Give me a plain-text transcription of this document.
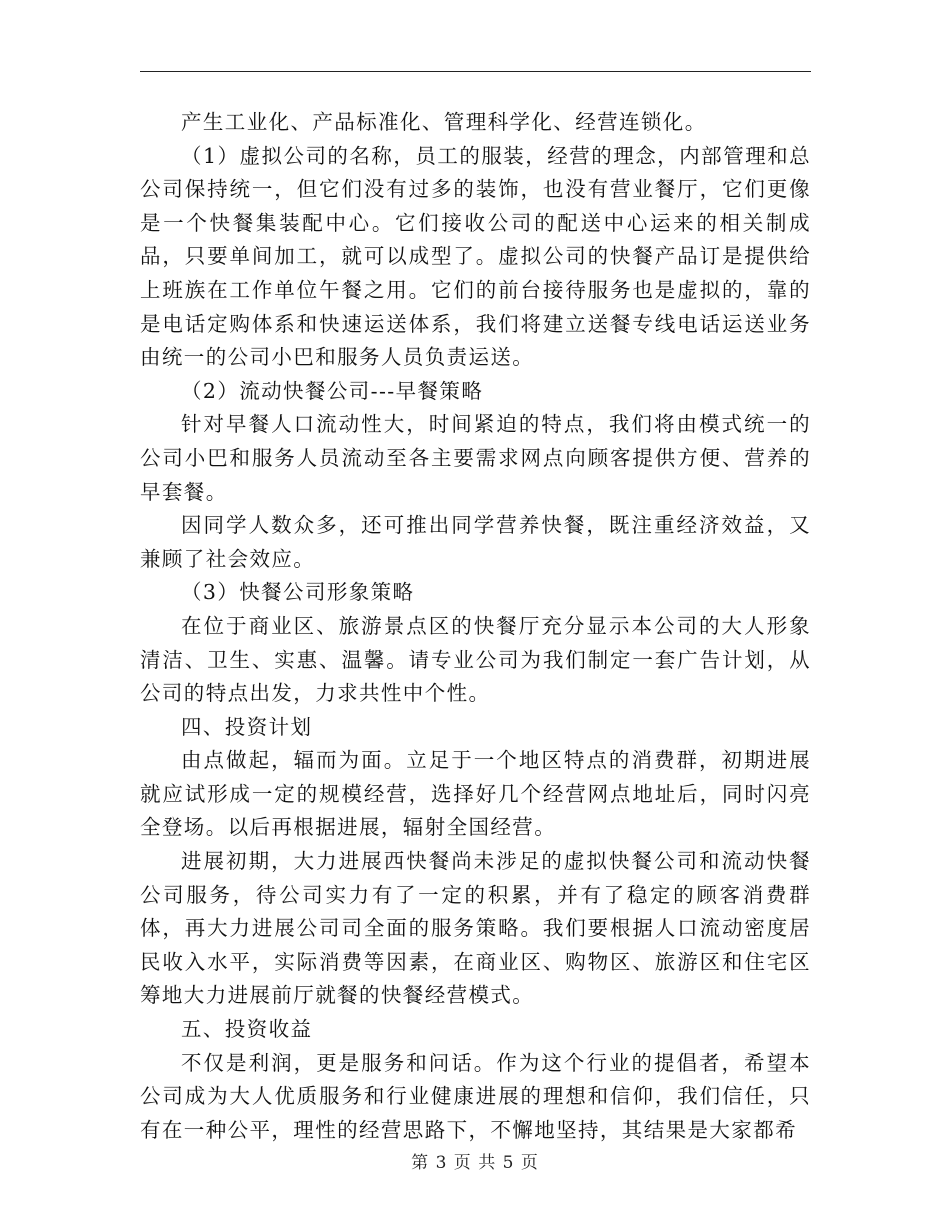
产生工业化、产品标准化、管理科学化、经营连锁化。

（1）虚拟公司的名称，员工的服装，经营的理念，内部管理和总公司保持统一，但它们没有过多的装饰，也没有营业餐厅，它们更像是一个快餐集装配中心。它们接收公司的配送中心运来的相关制成品，只要单间加工，就可以成型了。虚拟公司的快餐产品订是提供给上班族在工作单位午餐之用。它们的前台接待服务也是虚拟的，靠的是电话定购体系和快速运送体系，我们将建立送餐专线电话运送业务由统一的公司小巴和服务人员负责运送。

（2）流动快餐公司---早餐策略

针对早餐人口流动性大，时间紧迫的特点，我们将由模式统一的公司小巴和服务人员流动至各主要需求网点向顾客提供方便、营养的早套餐。

因同学人数众多，还可推出同学营养快餐，既注重经济效益，又兼顾了社会效应。

（3）快餐公司形象策略

在位于商业区、旅游景点区的快餐厅充分显示本公司的大人形象清洁、卫生、实惠、温馨。请专业公司为我们制定一套广告计划，从公司的特点出发，力求共性中个性。

四、投资计划

由点做起，辐而为面。立足于一个地区特点的消费群，初期进展就应试形成一定的规模经营，选择好几个经营网点地址后，同时闪亮全登场。以后再根据进展，辐射全国经营。

进展初期，大力进展西快餐尚未涉足的虚拟快餐公司和流动快餐公司服务，待公司实力有了一定的积累，并有了稳定的顾客消费群体，再大力进展公司司全面的服务策略。我们要根据人口流动密度居民收入水平，实际消费等因素，在商业区、购物区、旅游区和住宅区筹地大力进展前厅就餐的快餐经营模式。

五、投资收益

不仅是利润，更是服务和问话。作为这个行业的提倡者，希望本公司成为大人优质服务和行业健康进展的理想和信仰，我们信任，只有在一种公平，理性的经营思路下，不懈地坚持，其结果是大家都希

第 3 页 共 5 页
